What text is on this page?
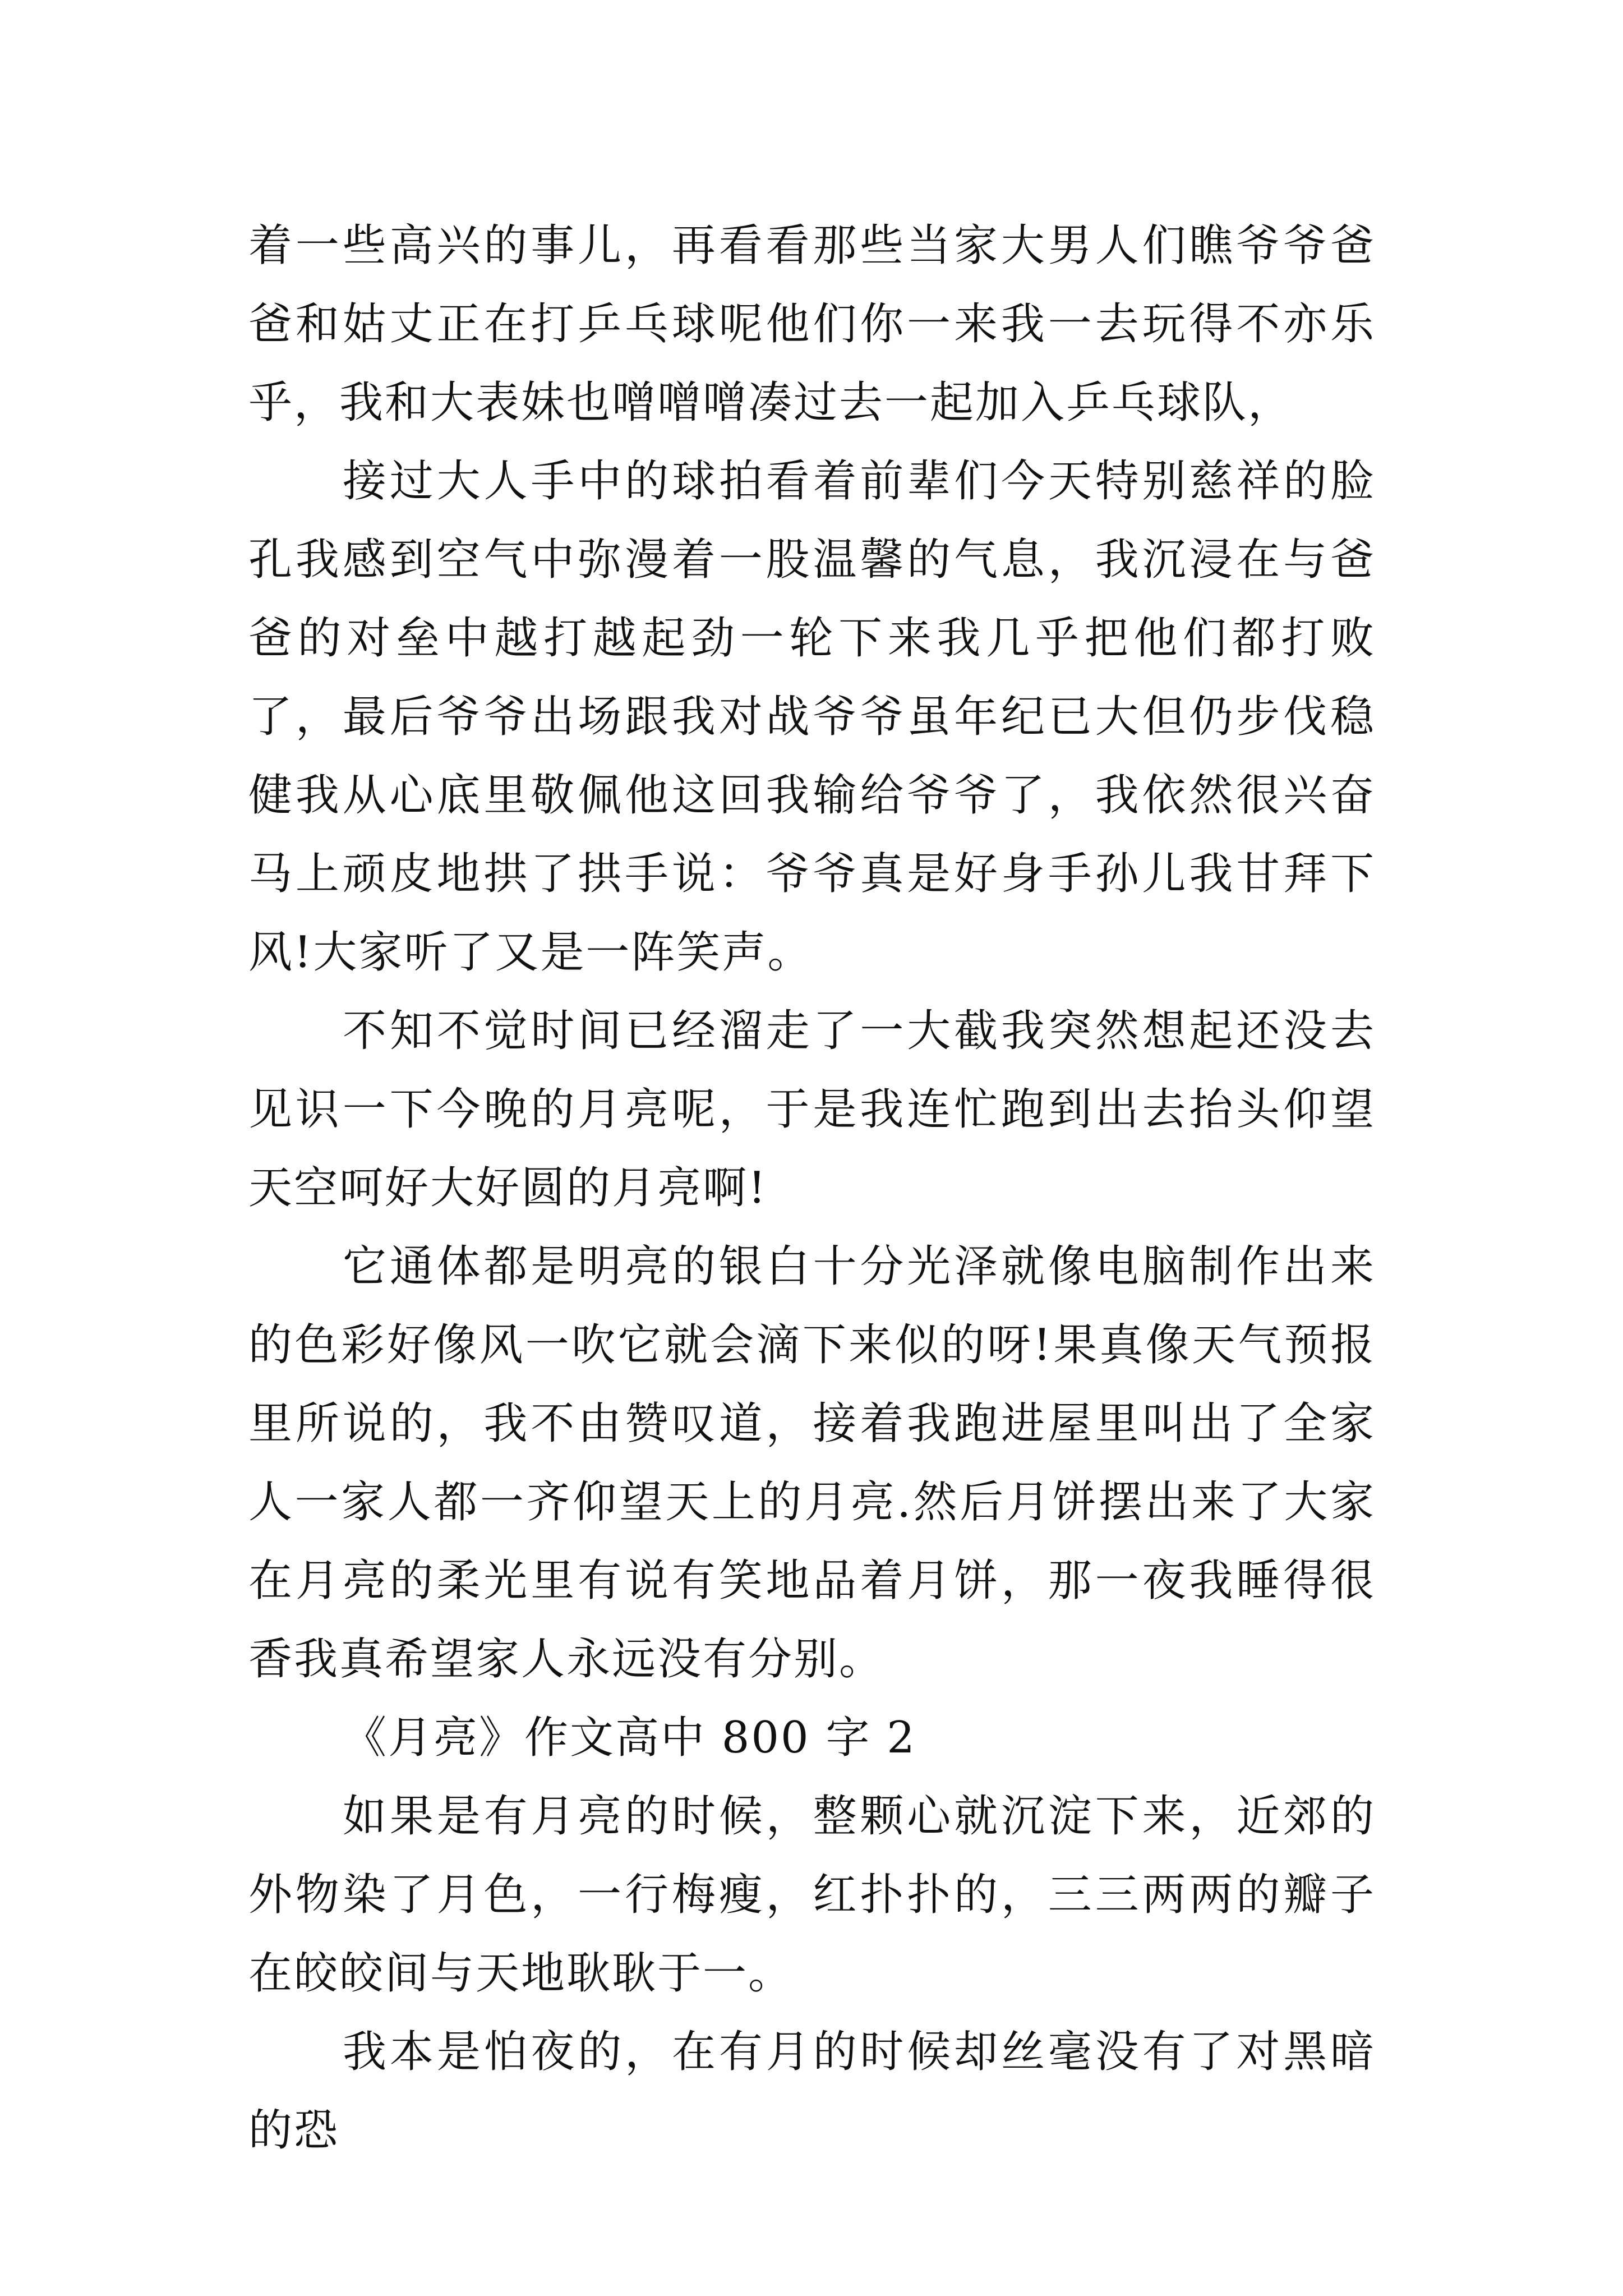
着一些高兴的事儿，再看看那些当家大男人们瞧爷爷爸爸和姑丈正在打乒乓球呢他们你一来我一去玩得不亦乐乎，我和大表妹也噌噌噌凑过去一起加入乒乓球队，

接过大人手中的球拍看着前辈们今天特别慈祥的脸孔我感到空气中弥漫着一股温馨的气息，我沉浸在与爸爸的对垒中越打越起劲一轮下来我几乎把他们都打败了，最后爷爷出场跟我对战爷爷虽年纪已大但仍步伐稳健我从心底里敬佩他这回我输给爷爷了，我依然很兴奋马上顽皮地拱了拱手说：爷爷真是好身手孙儿我甘拜下风!大家听了又是一阵笑声。

不知不觉时间已经溜走了一大截我突然想起还没去见识一下今晚的月亮呢，于是我连忙跑到出去抬头仰望天空呵好大好圆的月亮啊!

它通体都是明亮的银白十分光泽就像电脑制作出来的色彩好像风一吹它就会滴下来似的呀!果真像天气预报里所说的，我不由赞叹道，接着我跑进屋里叫出了全家人一家人都一齐仰望天上的月亮.然后月饼摆出来了大家在月亮的柔光里有说有笑地品着月饼，那一夜我睡得很香我真希望家人永远没有分别。

《月亮》作文高中 800 字 2

如果是有月亮的时候，整颗心就沉淀下来，近郊的外物染了月色，一行梅瘦，红扑扑的，三三两两的瓣子在皎皎间与天地耿耿于一。

我本是怕夜的，在有月的时候却丝毫没有了对黑暗的恐
